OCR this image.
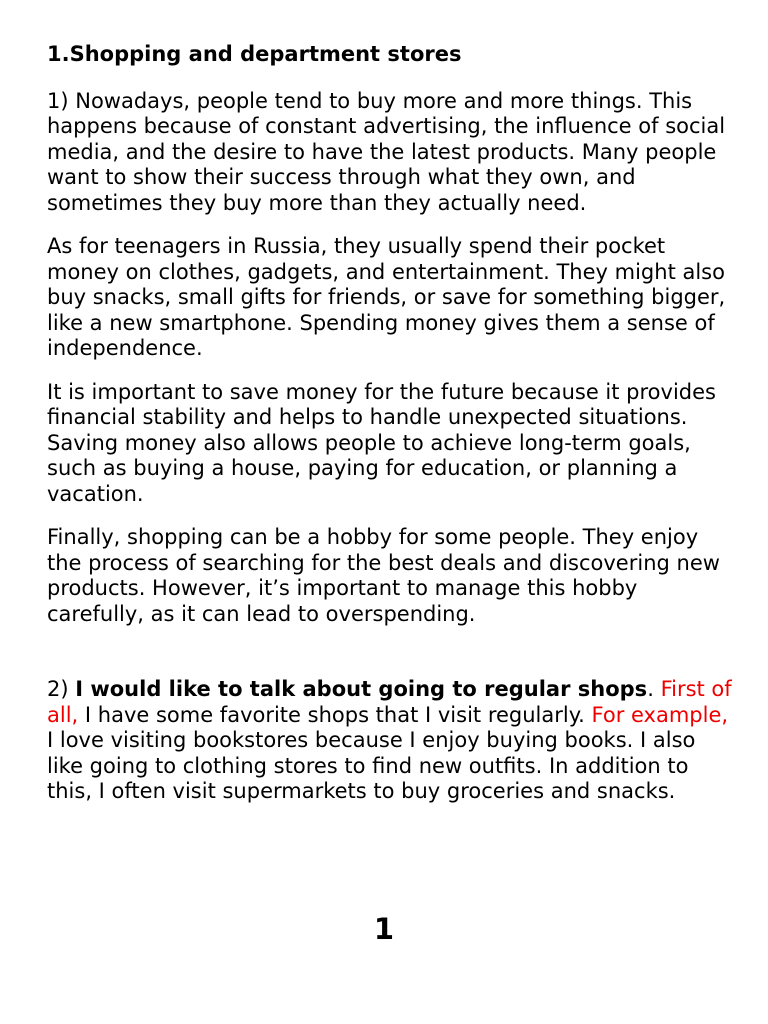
1.Shopping and department stores

1) Nowadays, people tend to buy more and more things. This happens because of constant advertising, the influence of social media, and the desire to have the latest products. Many people want to show their success through what they own, and sometimes they buy more than they actually need.

As for teenagers in Russia, they usually spend their pocket money on clothes, gadgets, and entertainment. They might also buy snacks, small gifts for friends, or save for something bigger, like a new smartphone. Spending money gives them a sense of independence.

It is important to save money for the future because it provides financial stability and helps to handle unexpected situations. Saving money also allows people to achieve long-term goals, such as buying a house, paying for education, or planning a vacation.

Finally, shopping can be a hobby for some people. They enjoy the process of searching for the best deals and discovering new products. However, it’s important to manage this hobby carefully, as it can lead to overspending.

2) I would like to talk about going to regular shops. First of all, I have some favorite shops that I visit regularly. For example, I love visiting bookstores because I enjoy buying books. I also like going to clothing stores to find new outfits. In addition to this, I often visit supermarkets to buy groceries and snacks.

1
